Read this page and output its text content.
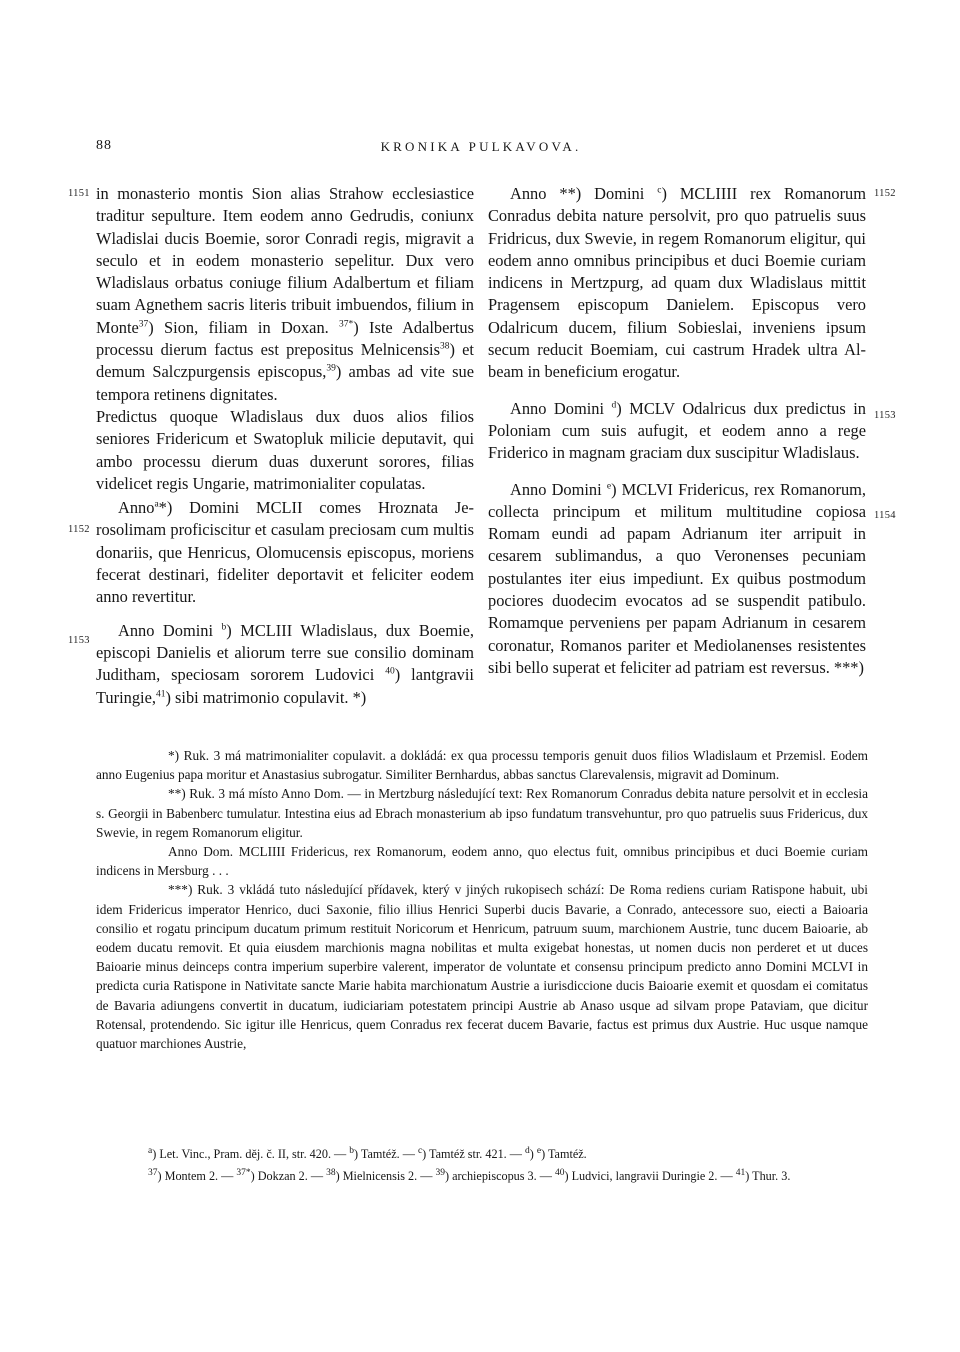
88	KRONIKA PULKAVOVA.
1151
1152
1153
1152
1153
1154

in monasterio montis Sion alias Strahow ecclesiastice traditur sepulture. Item eodem anno Gedrudis, coniunx Wladislai ducis Boemie, soror Conradi regis, migravit a seculo et in eodem monasterio sepelitur. Dux vero Wladislaus orbatus coniuge filium Adalbertum et filiam suam Agnethem sacris literis tribuit imbuendos, filium in Monte$^{37}$) Sion, filiam in Doxan. $^{37*}$) Iste Adalbertus processu dierum factus est prepositus Melnicensis$^{38}$) et demum Salczpurgensis episcopus,$^{39}$) ambas ad vite sue tempora retinens dignitates.

Predictus quoque Wladislaus dux duos alios filios seniores Fridericum et Swatopluk milicie deputavit, qui ambo processu dierum duas duxerunt sorores, filias videlicet regis Ungarie, matrimonialiter copulatas.

Anno$^a$*) Domini MCLII comes Hroznata Jerosolimam proficiscitur et casulam preciosam cum multis donariis, que Henricus, Olomucensis episcopus, moriens fecerat destinari, fideliter deportavit et feliciter eodem anno revertitur.

Anno Domini $^b$) MCLIII Wladislaus, dux Boemie, episcopi Danielis et aliorum terre sue consilio dominam Juditham, speciosam sororem Ludovici $^{40}$) lantgravii Turingie,$^{41}$) sibi matrimonio copulavit. *)

Anno **) Domini $^c$) MCLIIII rex Romanorum Conradus debita nature persolvit, pro quo patruelis suus Fridricus, dux Swevie, in regem Romanorum eligitur, qui eodem anno omnibus principibus et duci Boemie curiam indicens in Mertzpurg, ad quam dux Wladislaus mittit Pragensem episcopum Danielem. Episcopus vero Odalricum ducem, filium Sobieslai, inveniens ipsum secum reducit Boemiam, cui castrum Hradek ultra Albeam in beneficium erogatur.

Anno Domini $^d$) MCLV Odalricus dux predictus in Poloniam cum suis aufugit, et eodem anno a rege Friderico in magnam graciam dux suscipitur Wladislaus.

Anno Domini $^e$) MCLVI Fridericus, rex Romanorum, collecta principum et militum multitudine copiosa Romam eundi ad papam Adrianum iter arripuit in cesarem sublimandus, a quo Veronenses pecuniam postulantes iter eius impediunt. Ex quibus postmodum pociores duodecim evocatos ad se suspendit patibulo. Romamque perveniens per papam Adrianum in cesarem coronatur, Romanos pariter et Mediolanenses resistentes sibi bello superat et feliciter ad patriam est reversus. ***)

*) Ruk. 3 má matrimonialiter copulavit. a dokládá: ex qua processu temporis genuit duos filios Wladislaum et Przemisl. Eodem anno Eugenius papa moritur et Anastasius subrogatur. Similiter Bernhardus, abbas sanctus Clarevalensis, migravit ad Dominum.

**) Ruk. 3 má místo Anno Dom. — in Mertzburg následující text: Rex Romanorum Conradus debita nature persolvit et in ecclesia s. Georgii in Babenberc tumulatur. Intestina eius ad Ebrach monasterium ab ipso fundatum transvehuntur, pro quo patruelis suus Fridericus, dux Swevie, in regem Romanorum eligitur.

Anno Dom. MCLIIII Fridericus, rex Romanorum, eodem anno, quo electus fuit, omnibus principibus et duci Boemie curiam indicens in Mersburg . . .

***) Ruk. 3 vkládá tuto následující přídavek, který v jiných rukopisech schází: De Roma rediens curiam Ratispone habuit, ubi idem Fridericus imperator Henrico, duci Saxonie, filio illius Henrici Superbi ducis Bavarie, a Conrado, antecessore suo, eiecti a Baioaria consilio et rogatu principum ducatum primum restituit Noricorum et Henricum, patruum suum, marchionem Austrie, tunc ducem Baioarie, ab eodem ducatu removit. Et quia eiusdem marchionis magna nobilitas et multa exigebat honestas, ut nomen ducis non perderet et ut duces Baioarie minus deinceps contra imperium superbire valerent, imperator de voluntate et consensu principum predicto anno Domini MCLVI in predicta curia Ratispone in Nativitate sancte Marie habita marchionatum Austrie a iurisdiccione ducis Baioarie exemit et quosdam ei comitatus de Bavaria adiungens convertit in ducatum, iudiciariam potestatem principi Austrie ab Anaso usque ad silvam prope Pataviam, que dicitur Rotensal, protendendo. Sic igitur ille Henricus, quem Conradus rex fecerat ducem Bavarie, factus est primus dux Austrie. Huc usque namque quatuor marchiones Austrie,

$^a$) Let. Vinc., Pram. děj. č. II, str. 420. — $^b$) Tamtéž. — $^c$) Tamtéž str. 421. — $^d$) $^e$) Tamtéž.

$^{37}$) Montem 2. — $^{37*}$) Dokzan 2. — $^{38}$) Mielnicensis 2. — $^{39}$) archiepiscopus 3. — $^{40}$) Ludvici, langravii Duringie 2. — $^{41}$) Thur. 3.
